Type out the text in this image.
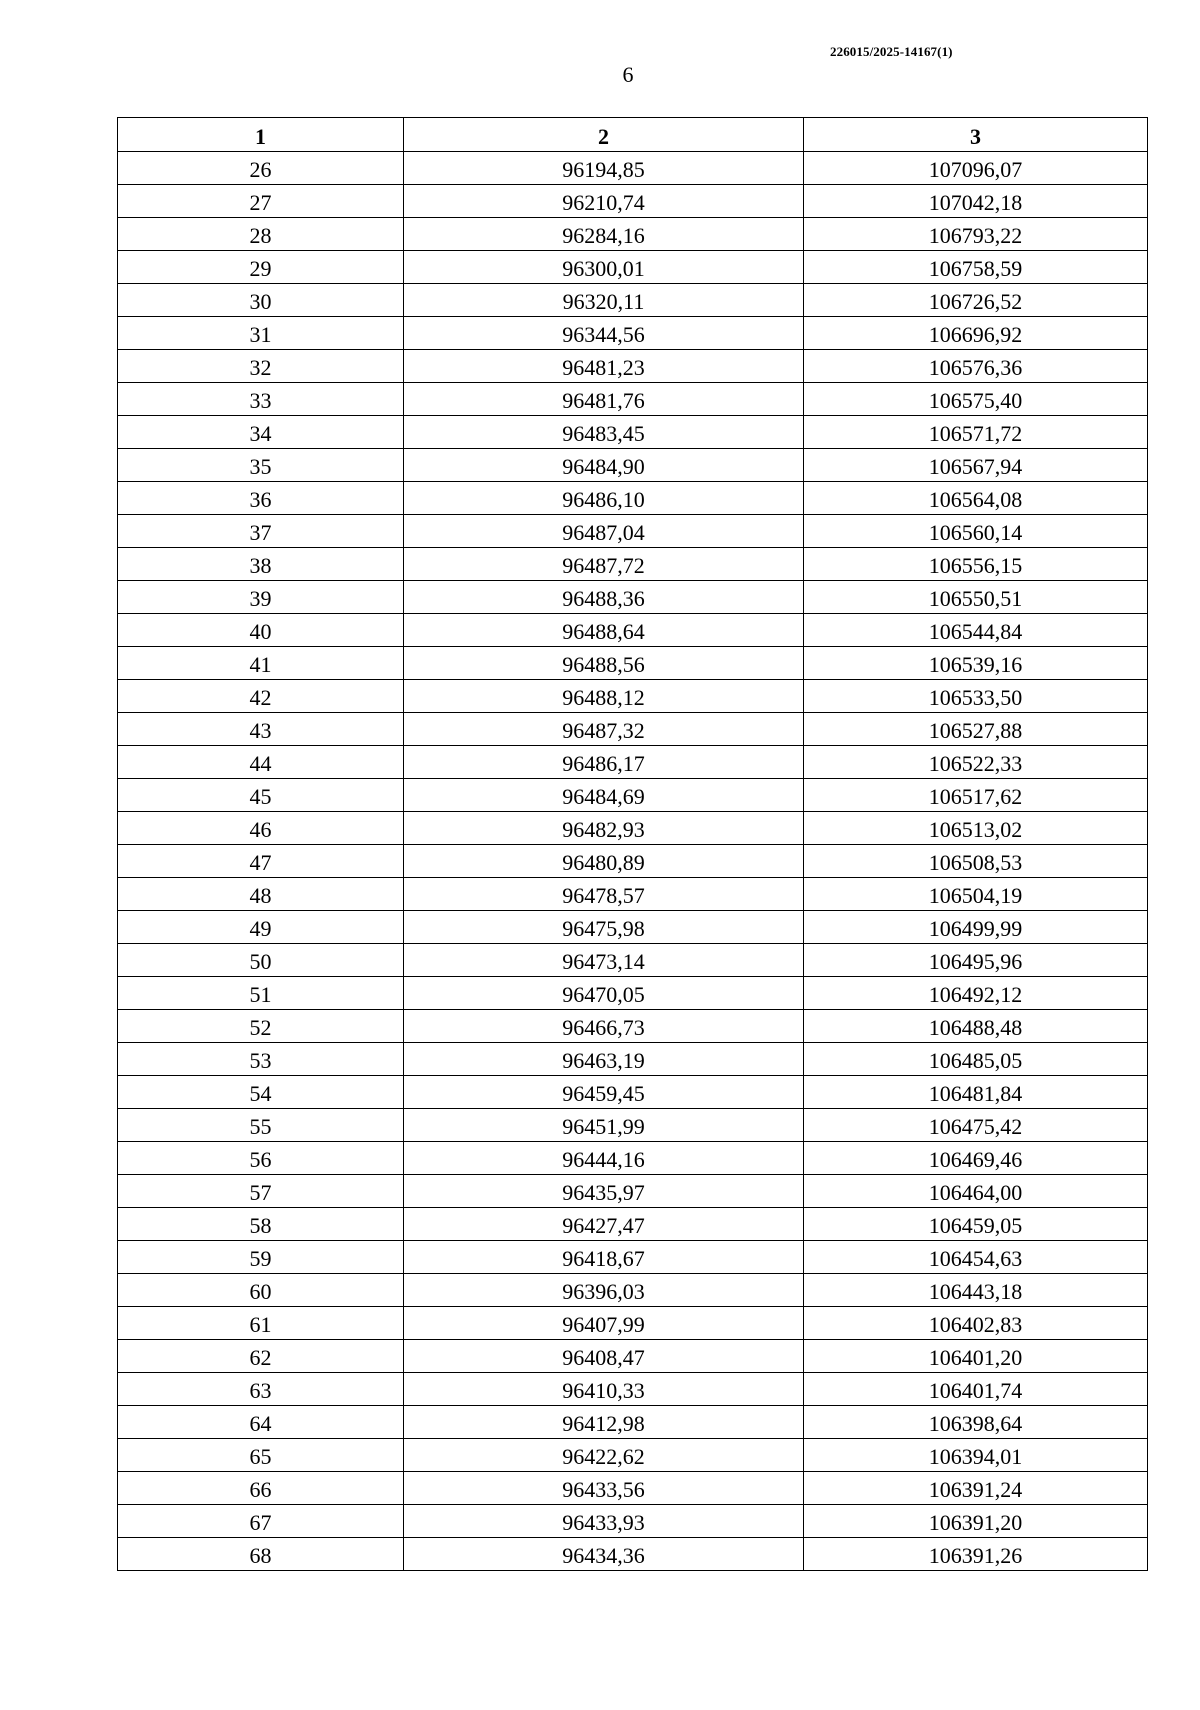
226015/2025-14167(1)
6
1	2	3
26	96194,85	107096,07
27	96210,74	107042,18
28	96284,16	106793,22
29	96300,01	106758,59
30	96320,11	106726,52
31	96344,56	106696,92
32	96481,23	106576,36
33	96481,76	106575,40
34	96483,45	106571,72
35	96484,90	106567,94
36	96486,10	106564,08
37	96487,04	106560,14
38	96487,72	106556,15
39	96488,36	106550,51
40	96488,64	106544,84
41	96488,56	106539,16
42	96488,12	106533,50
43	96487,32	106527,88
44	96486,17	106522,33
45	96484,69	106517,62
46	96482,93	106513,02
47	96480,89	106508,53
48	96478,57	106504,19
49	96475,98	106499,99
50	96473,14	106495,96
51	96470,05	106492,12
52	96466,73	106488,48
53	96463,19	106485,05
54	96459,45	106481,84
55	96451,99	106475,42
56	96444,16	106469,46
57	96435,97	106464,00
58	96427,47	106459,05
59	96418,67	106454,63
60	96396,03	106443,18
61	96407,99	106402,83
62	96408,47	106401,20
63	96410,33	106401,74
64	96412,98	106398,64
65	96422,62	106394,01
66	96433,56	106391,24
67	96433,93	106391,20
68	96434,36	106391,26
